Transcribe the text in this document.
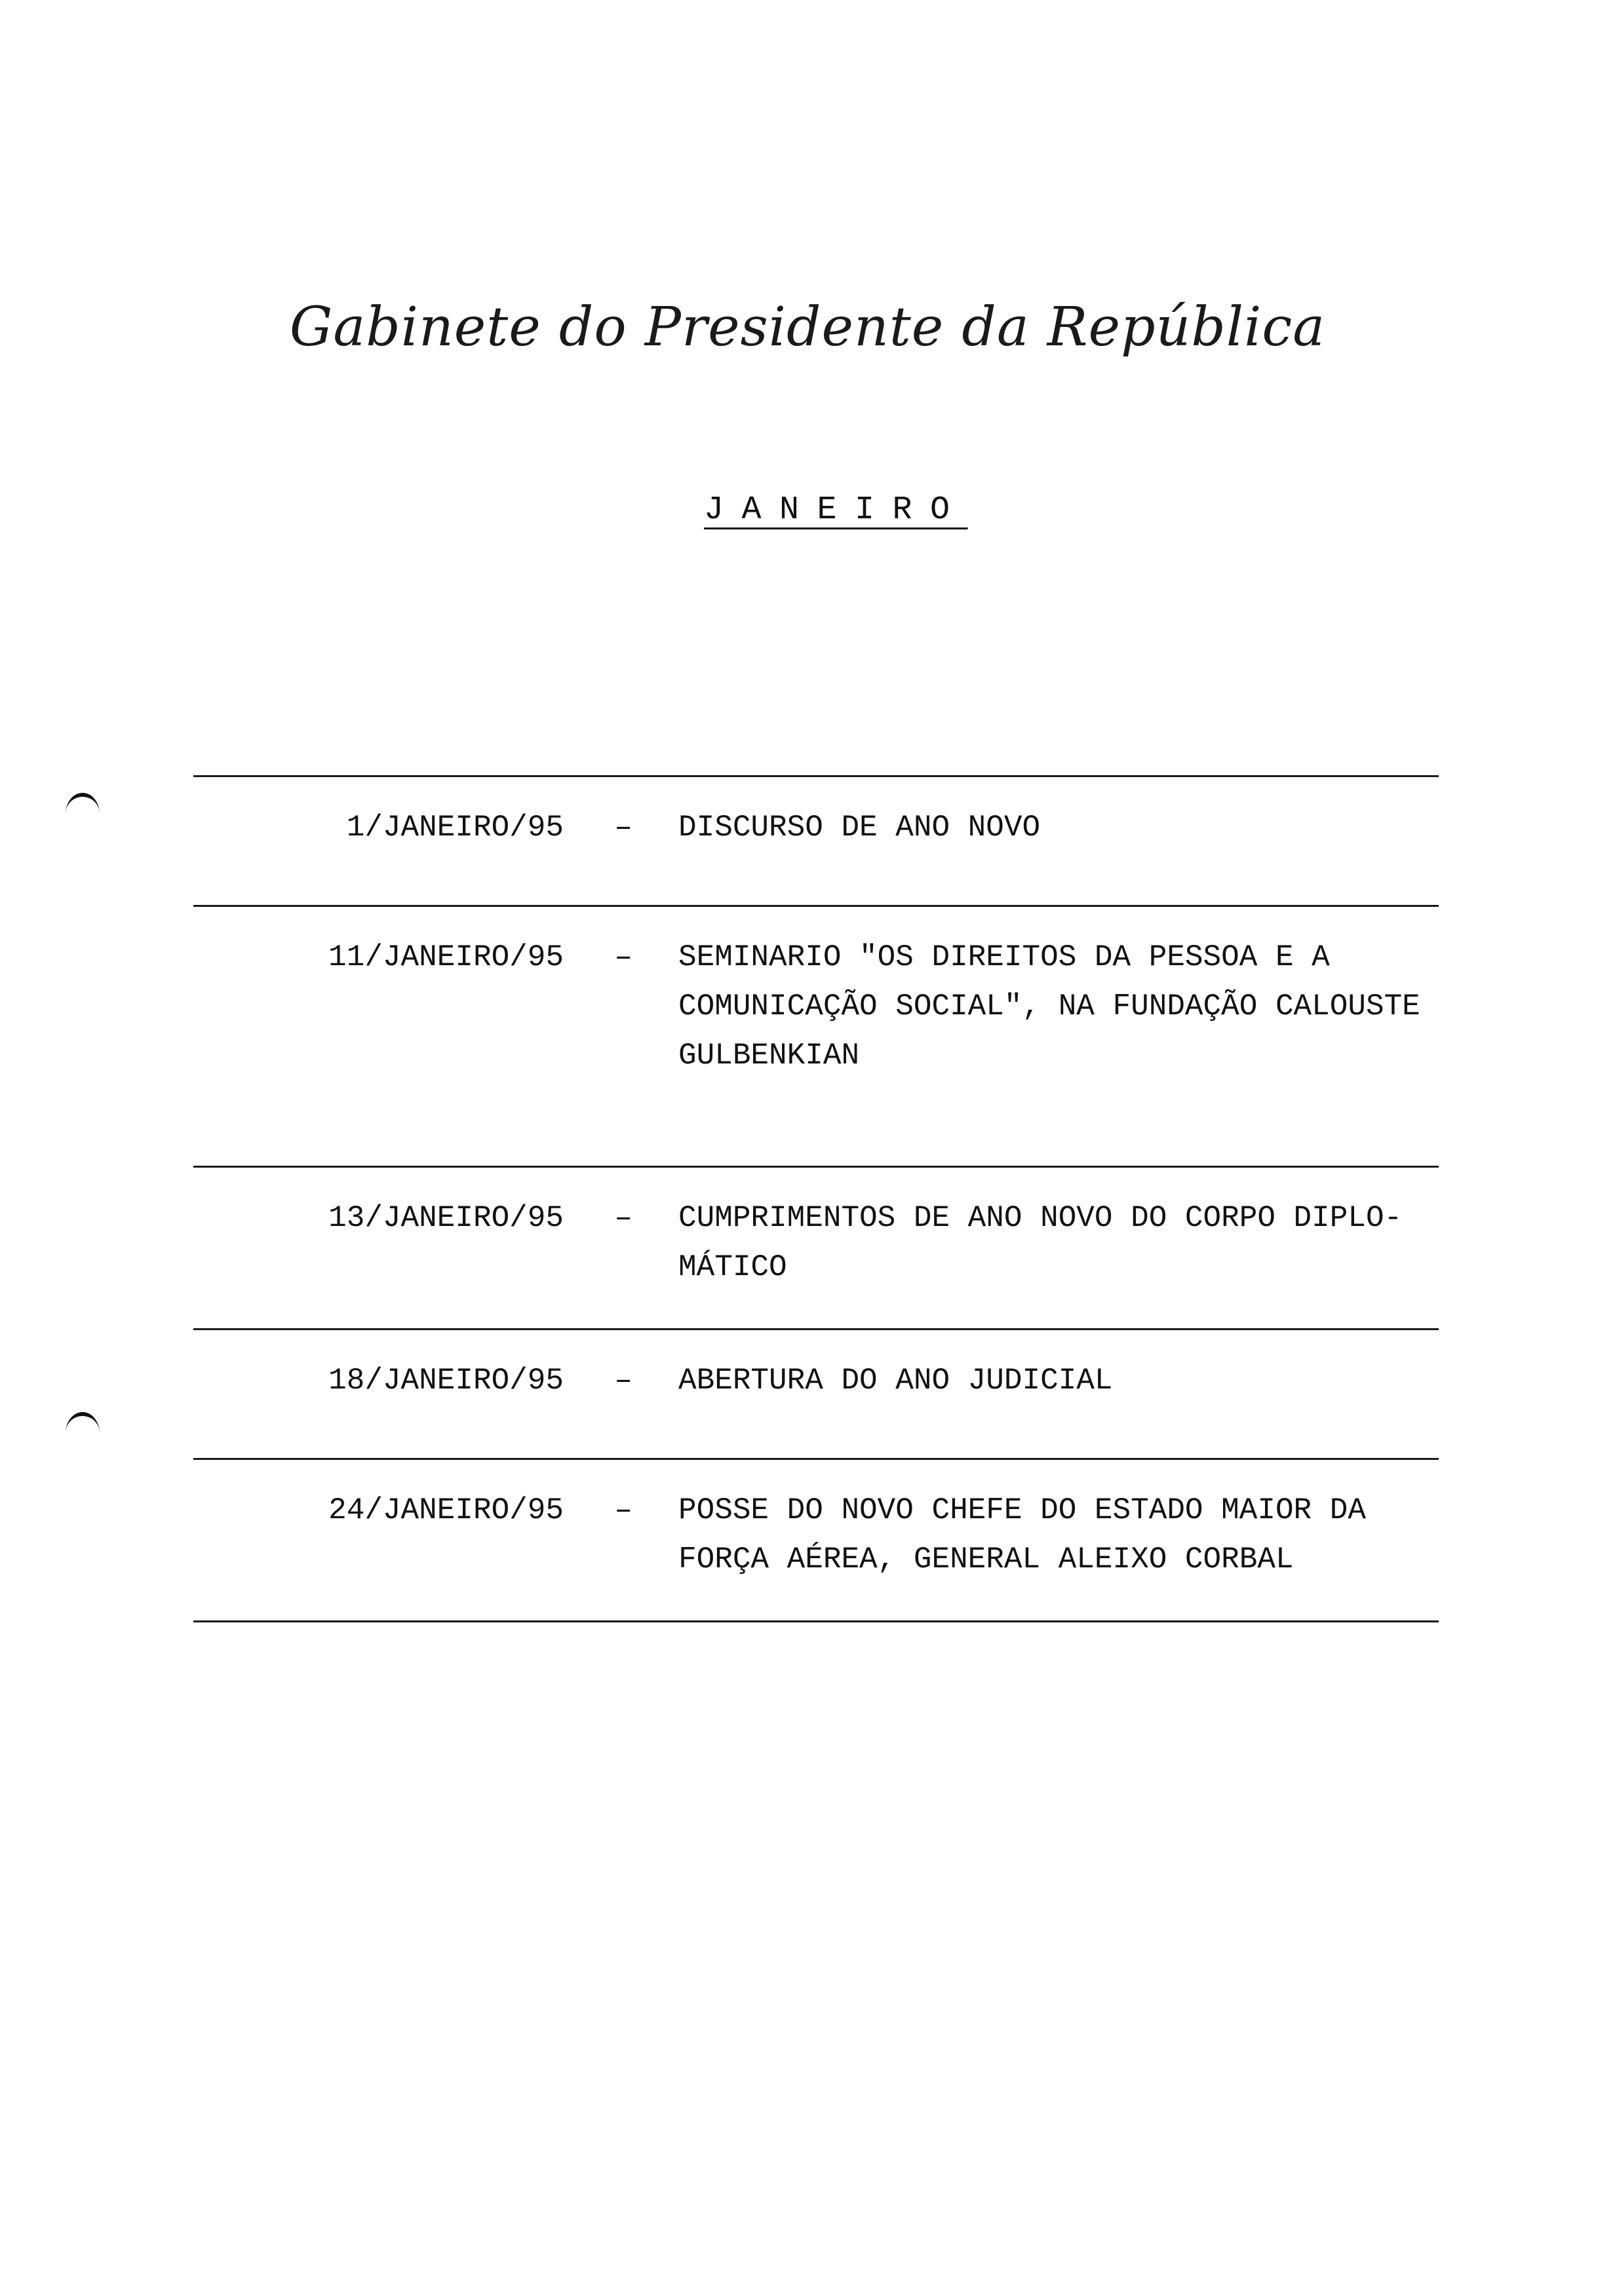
Gabinete do Presidente da República
JANEIRO
1/JANEIRO/95	– DISCURSO DE ANO NOVO
11/JANEIRO/95	– SEMINARIO "OS DIREITOS DA PESSOA E A
COMUNICAÇÃO SOCIAL", NA FUNDAÇÃO CALOUSTE
GULBENKIAN
13/JANEIRO/95	– CUMPRIMENTOS DE ANO NOVO DO CORPO DIPLO-
MÁTICO
18/JANEIRO/95	– ABERTURA DO ANO JUDICIAL
24/JANEIRO/95	– POSSE DO NOVO CHEFE DO ESTADO MAIOR DA
FORÇA AÉREA, GENERAL ALEIXO CORBAL
